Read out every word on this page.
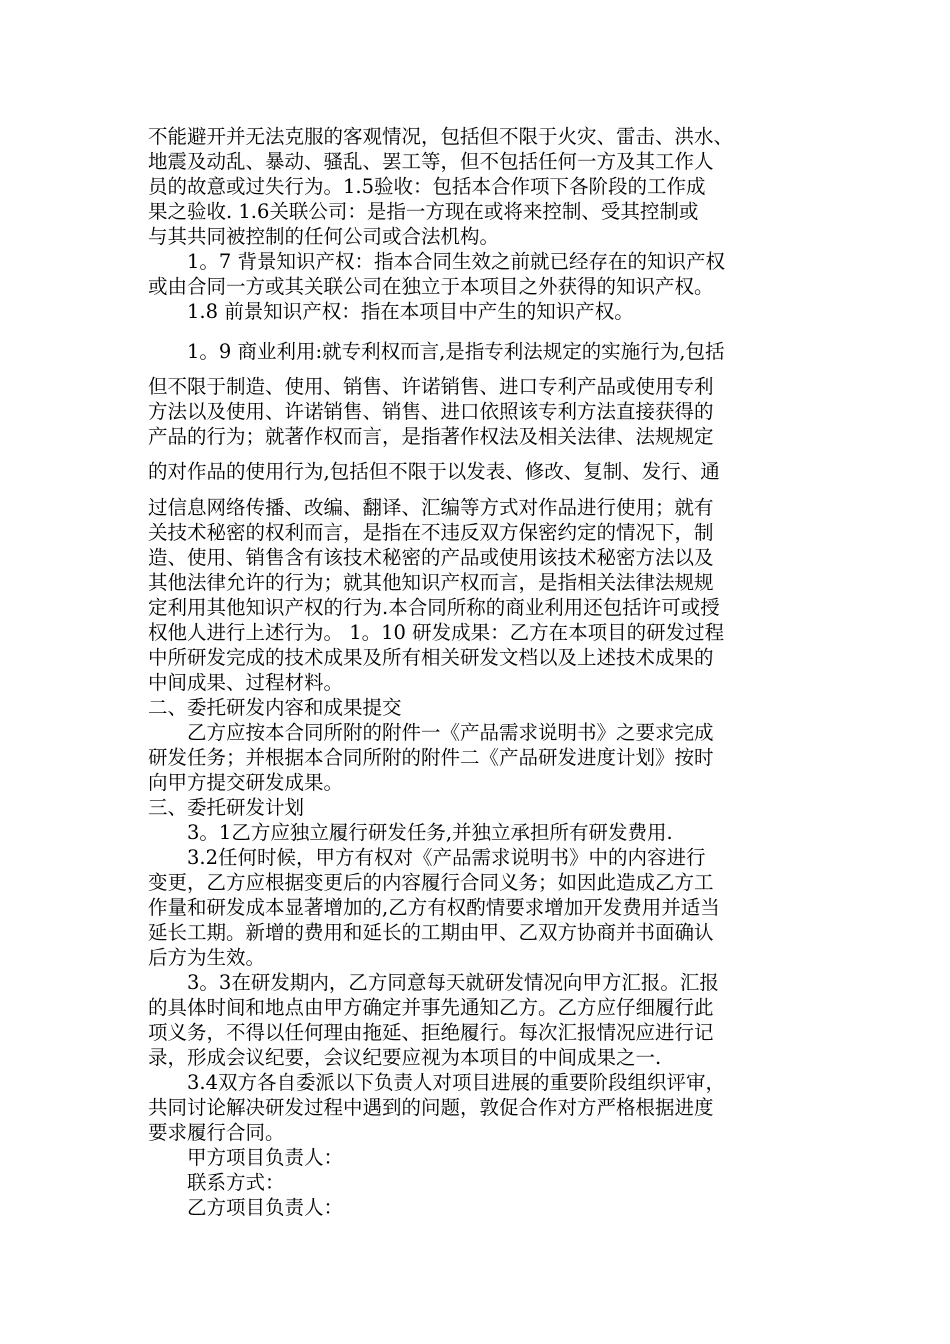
不能避开并无法克服的客观情况，包括但不限于火灾、雷击、洪水、
地震及动乱、暴动、骚乱、罢工等，但不包括任何一方及其工作人
员的故意或过失行为。1.5验收：包括本合作项下各阶段的工作成
果之验收. 1.6关联公司：是指一方现在或将来控制、受其控制或
与其共同被控制的任何公司或合法机构。
1。7 背景知识产权：指本合同生效之前就已经存在的知识产权
或由合同一方或其关联公司在独立于本项目之外获得的知识产权。
1.8 前景知识产权：指在本项目中产生的知识产权。
1。9 商业利用:就专利权而言,是指专利法规定的实施行为,包括
但不限于制造、使用、销售、许诺销售、进口专利产品或使用专利
方法以及使用、许诺销售、销售、进口依照该专利方法直接获得的
产品的行为；就著作权而言，是指著作权法及相关法律、法规规定
的对作品的使用行为,包括但不限于以发表、修改、复制、发行、通
过信息网络传播、改编、翻译、汇编等方式对作品进行使用；就有
关技术秘密的权利而言，是指在不违反双方保密约定的情况下，制
造、使用、销售含有该技术秘密的产品或使用该技术秘密方法以及
其他法律允许的行为；就其他知识产权而言，是指相关法律法规规
定利用其他知识产权的行为.本合同所称的商业利用还包括许可或授
权他人进行上述行为。 1。10 研发成果：乙方在本项目的研发过程
中所研发完成的技术成果及所有相关研发文档以及上述技术成果的
中间成果、过程材料。
二、委托研发内容和成果提交
乙方应按本合同所附的附件一《产品需求说明书》之要求完成
研发任务；并根据本合同所附的附件二《产品研发进度计划》按时
向甲方提交研发成果。
三、委托研发计划
3。1乙方应独立履行研发任务,并独立承担所有研发费用.
3.2任何时候，甲方有权对《产品需求说明书》中的内容进行
变更，乙方应根据变更后的内容履行合同义务；如因此造成乙方工
作量和研发成本显著增加的,乙方有权酌情要求增加开发费用并适当
延长工期。新增的费用和延长的工期由甲、乙双方协商并书面确认
后方为生效。
3。3在研发期内，乙方同意每天就研发情况向甲方汇报。汇报
的具体时间和地点由甲方确定并事先通知乙方。乙方应仔细履行此
项义务，不得以任何理由拖延、拒绝履行。每次汇报情况应进行记
录，形成会议纪要，会议纪要应视为本项目的中间成果之一.
3.4双方各自委派以下负责人对项目进展的重要阶段组织评审，
共同讨论解决研发过程中遇到的问题，敦促合作对方严格根据进度
要求履行合同。
甲方项目负责人：
联系方式：
乙方项目负责人：
